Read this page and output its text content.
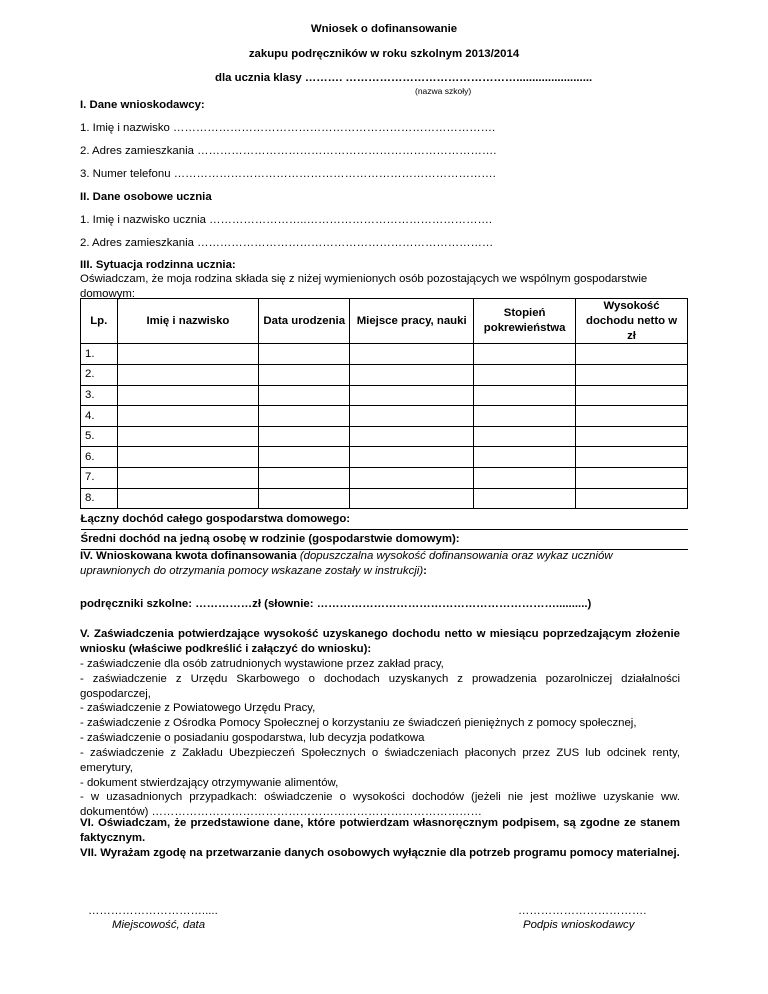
Wniosek o dofinansowanie
zakupu podręczników w roku szkolnym 2013/2014
dla ucznia klasy ………. ………………………………………........................
(nazwa szkoły)
I. Dane wnioskodawcy:
1. Imię i nazwisko ………………………………………………………………………….
2. Adres zamieszkania …………………………………………………………………….
3. Numer telefonu ………………………………………………………………………….
II. Dane osobowe ucznia
1. Imię i nazwisko ucznia ……………………..………………………………………….
2. Adres zamieszkania ……………………………………………………………………
III. Sytuacja rodzinna ucznia:
Oświadczam, że moja rodzina składa się z niżej wymienionych osób pozostających we wspólnym gospodarstwie domowym:
Lp.	Imię i nazwisko	Data urodzenia	Miejsce pracy, nauki	Stopień pokrewieństwa	Wysokość dochodu netto w zł
1.					
2.					
3.					
4.					
5.					
6.					
7.					
8.					
Łączny dochód całego gospodarstwa domowego:					
Średni dochód na jedną osobę w rodzinie (gospodarstwie domowym):					
IV. Wnioskowana kwota dofinansowania (dopuszczalna wysokość dofinansowania oraz wykaz uczniów uprawnionych do otrzymania pomocy wskazane zostały w instrukcji):
podręczniki szkolne: ……………zł (słownie: ………………………………………………………..........)
V. Zaświadczenia potwierdzające wysokość uzyskanego dochodu netto w miesiącu poprzedzającym złożenie wniosku (właściwe podkreślić i załączyć do wniosku):
- zaświadczenie dla osób zatrudnionych wystawione przez zakład pracy,
- zaświadczenie z Urzędu Skarbowego o dochodach uzyskanych z prowadzenia pozarolniczej działalności gospodarczej,
- zaświadczenie z Powiatowego Urzędu Pracy,
- zaświadczenie z Ośrodka Pomocy Społecznej o korzystaniu ze świadczeń pieniężnych z pomocy społecznej,
- zaświadczenie o posiadaniu gospodarstwa, lub decyzja podatkowa
- zaświadczenie z Zakładu Ubezpieczeń Społecznych o świadczeniach płaconych przez ZUS lub odcinek renty, emerytury,
- dokument stwierdzający otrzymywanie alimentów,
- w uzasadnionych przypadkach: oświadczenie o wysokości dochodów (jeżeli nie jest możliwe uzyskanie ww. dokumentów) ……………………………………………………………………………
VI. Oświadczam, że przedstawione dane, które potwierdzam własnoręcznym podpisem, są zgodne ze stanem faktycznym.
VII. Wyrażam zgodę na przetwarzanie danych osobowych wyłącznie dla potrzeb programu pomocy materialnej.
………………………….....
Miejscowość, data
…………………………….
Podpis wnioskodawcy
